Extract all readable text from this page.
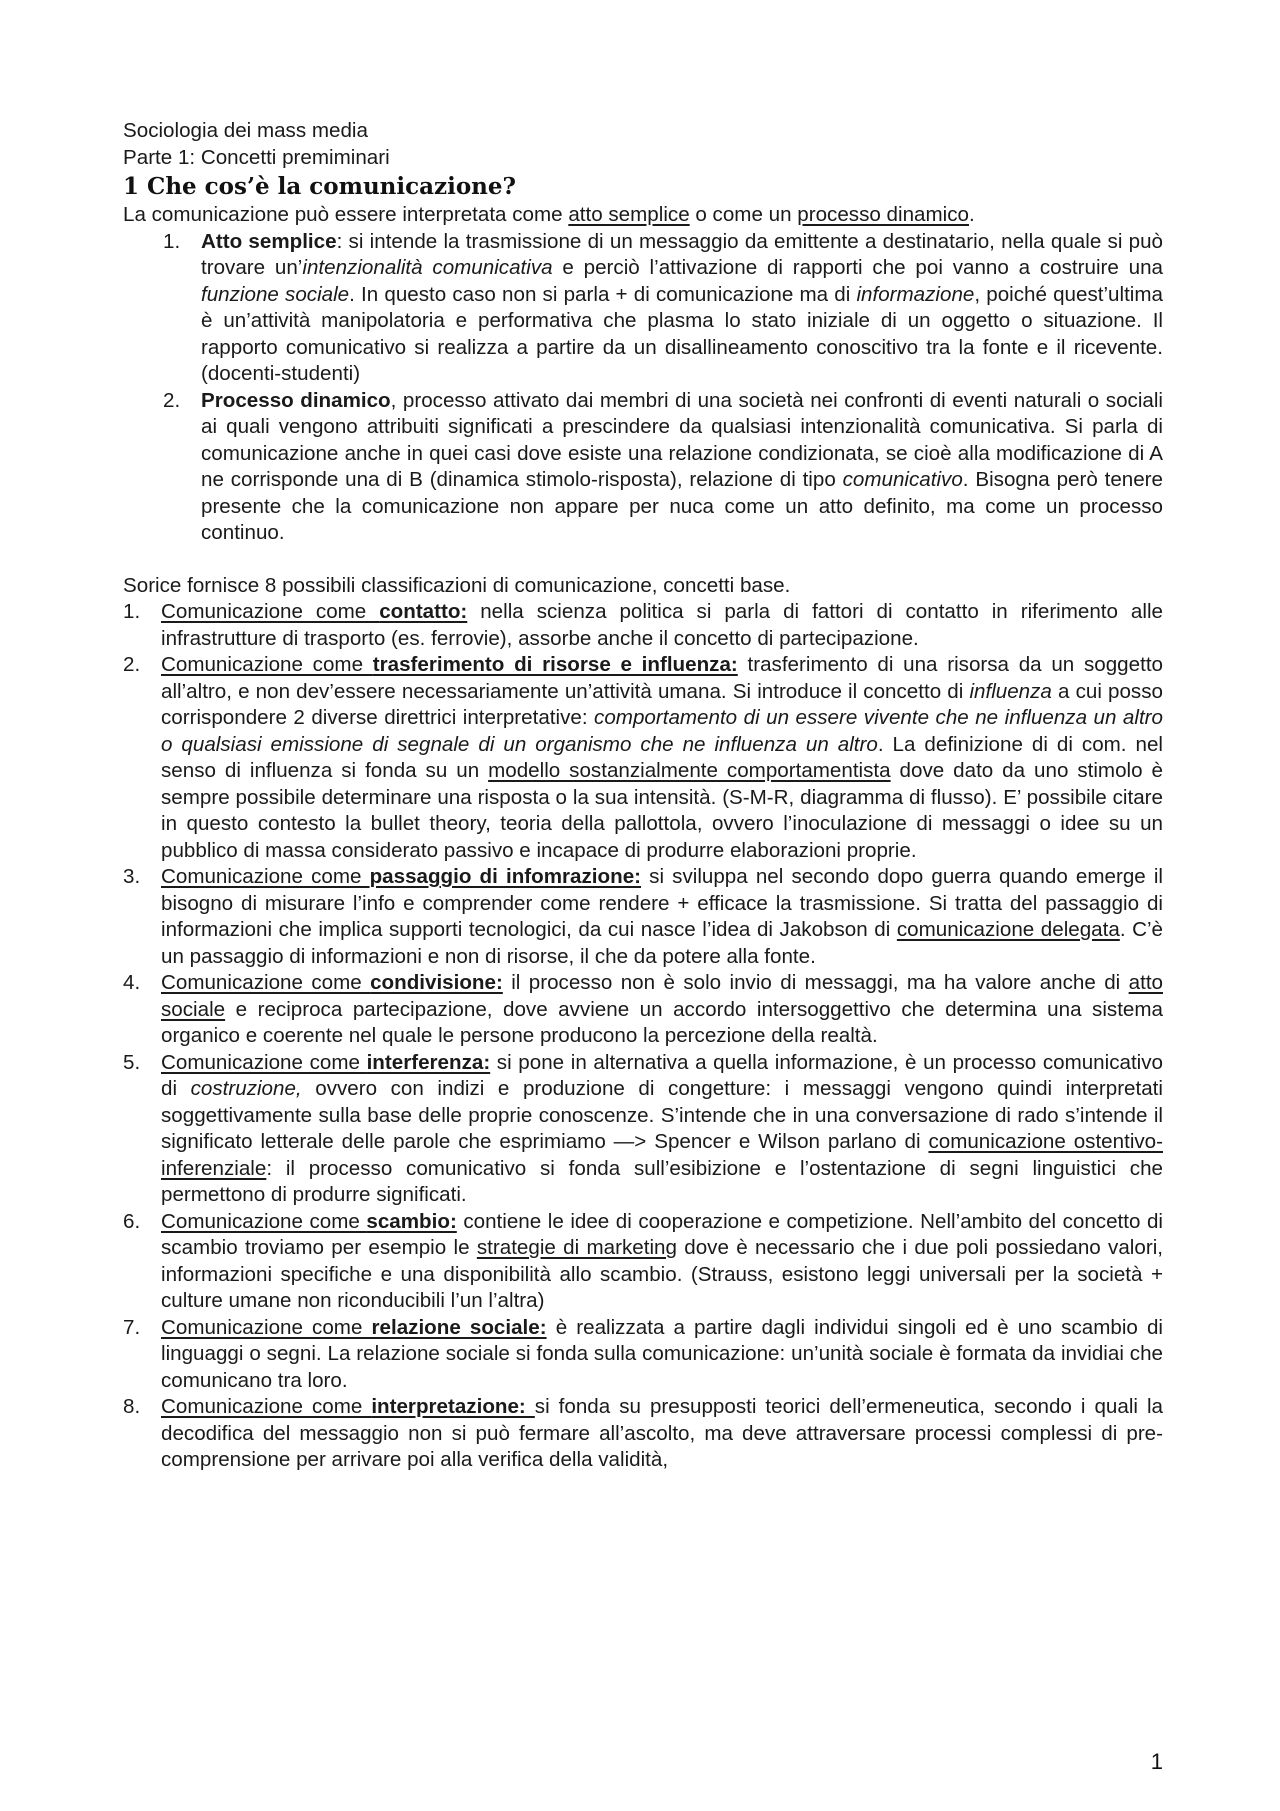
Sociologia dei mass media

Parte 1: Concetti premiminari

1 Che cos’è la comunicazione?

La comunicazione può essere interpretata come atto semplice o come un processo dinamico.

1. Atto semplice: si intende la trasmissione di un messaggio da emittente a destinatario, nella quale si può trovare un’intenzionalità comunicativa e perciò l’attivazione di rapporti che poi vanno a costruire una funzione sociale. In questo caso non si parla + di comunicazione ma di informazione, poiché quest’ultima è un’attività manipolatoria e performativa che plasma lo stato iniziale di un oggetto o situazione. Il rapporto comunicativo si realizza a partire da un disallineamento conoscitivo tra la fonte e il ricevente. (docenti-studenti)
2. Processo dinamico, processo attivato dai membri di una società nei confronti di eventi naturali o sociali ai quali vengono attribuiti significati a prescindere da qualsiasi intenzionalità comunicativa. Si parla di comunicazione anche in quei casi dove esiste una relazione condizionata, se cioè alla modificazione di A ne corrisponde una di B (dinamica stimolo-risposta), relazione di tipo comunicativo. Bisogna però tenere presente che la comunicazione non appare per nuca come un atto definito, ma come un processo continuo.

Sorice fornisce 8 possibili classificazioni di comunicazione, concetti base.

1. Comunicazione come contatto: nella scienza politica si parla di fattori di contatto in riferimento alle infrastrutture di trasporto (es. ferrovie), assorbe anche il concetto di partecipazione.
2. Comunicazione come trasferimento di risorse e influenza: trasferimento di una risorsa da un soggetto all’altro, e non dev’essere necessariamente un’attività umana. Si introduce il concetto di influenza a cui posso corrispondere 2 diverse direttrici interpretative: comportamento di un essere vivente che ne influenza un altro o qualsiasi emissione di segnale di un organismo che ne influenza un altro. La definizione di di com. nel senso di influenza si fonda su un modello sostanzialmente comportamentista dove dato da uno stimolo è sempre possibile determinare una risposta o la sua intensità. (S-M-R, diagramma di flusso). E’ possibile citare in questo contesto la bullet theory, teoria della pallottola, ovvero l’inoculazione di messaggi o idee su un pubblico di massa considerato passivo e incapace di produrre elaborazioni proprie.
3. Comunicazione come passaggio di infomrazione: si sviluppa nel secondo dopo guerra quando emerge il bisogno di misurare l’info e comprender come rendere + efficace la trasmissione. Si tratta del passaggio di informazioni che implica supporti tecnologici, da cui nasce l’idea di Jakobson di comunicazione delegata. C’è un passaggio di informazioni e non di risorse, il che da potere alla fonte.
4. Comunicazione come condivisione: il processo non è solo invio di messaggi, ma ha valore anche di atto sociale e reciproca partecipazione, dove avviene un accordo intersoggettivo che determina una sistema organico e coerente nel quale le persone producono la percezione della realtà.
5. Comunicazione come interferenza: si pone in alternativa a quella informazione, è un processo comunicativo di costruzione, ovvero con indizi e produzione di congetture: i messaggi vengono quindi interpretati soggettivamente sulla base delle proprie conoscenze. S’intende che in una conversazione di rado s’intende il significato letterale delle parole che esprimiamo —> Spencer e Wilson parlano di comunicazione ostentivo-inferenziale: il processo comunicativo si fonda sull’esibizione e l’ostentazione di segni linguistici che permettono di produrre significati.
6. Comunicazione come scambio: contiene le idee di cooperazione e competizione. Nell’ambito del concetto di scambio troviamo per esempio le strategie di marketing dove è necessario che i due poli possiedano valori, informazioni specifiche e una disponibilità allo scambio. (Strauss, esistono leggi universali per la società + culture umane non riconducibili l’un l’altra)
7. Comunicazione come relazione sociale: è realizzata a partire dagli individui singoli ed è uno scambio di linguaggi o segni. La relazione sociale si fonda sulla comunicazione: un’unità sociale è formata da invidiai che comunicano tra loro.
8. Comunicazione come interpretazione: si fonda su presupposti teorici dell’ermeneutica, secondo i quali la decodifica del messaggio non si può fermare all’ascolto, ma deve attraversare processi complessi di pre-comprensione per arrivare poi alla verifica della validità,
1
